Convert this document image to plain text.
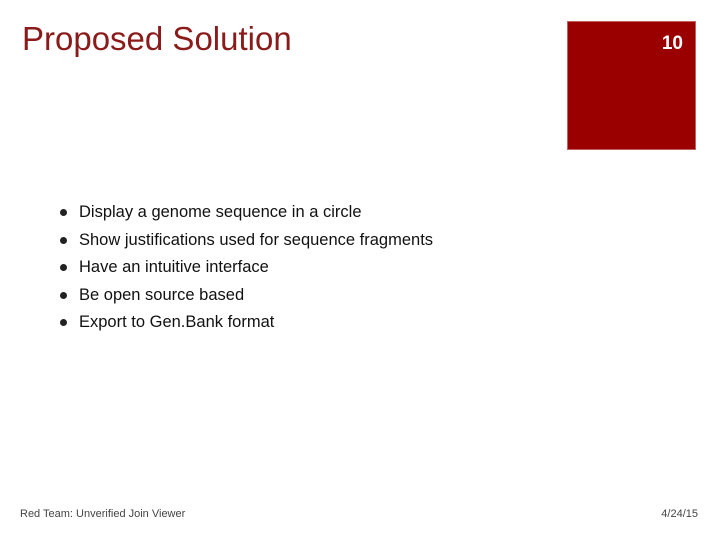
Proposed Solution	10
Display a genome sequence in a circle
Show justifications used for sequence fragments
Have an intuitive interface
Be open source based
Export to Gen.Bank format
Red Team: Unverified Join Viewer	4/24/15
